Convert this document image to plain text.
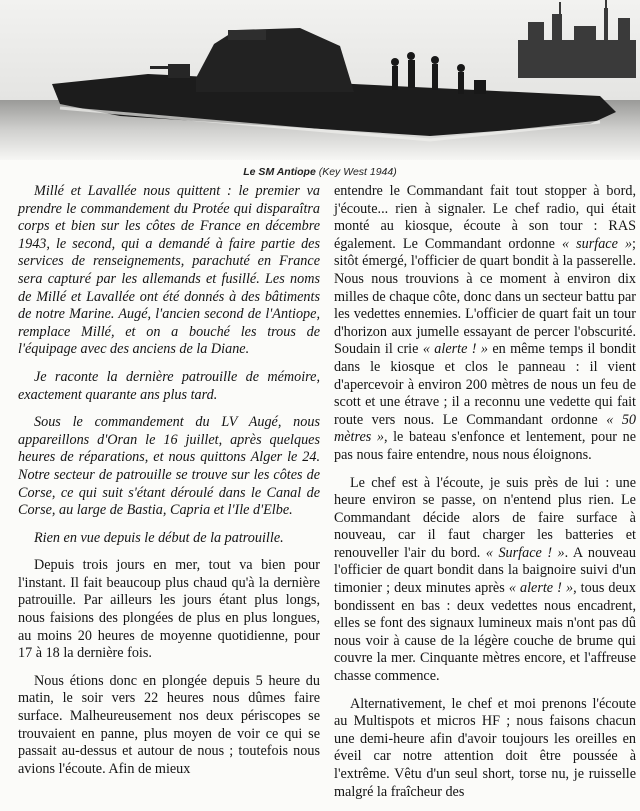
Le SM Antiope (Key West 1944)

Millé et Lavallée nous quittent : le premier va prendre le commandement du Protée qui disparaîtra corps et bien sur les côtes de France en décembre 1943, le second, qui a demandé à faire partie des services de renseignements, parachuté en France sera capturé par les allemands et fusillé. Les noms de Millé et Lavallée ont été donnés à des bâtiments de notre Marine. Augé, l'ancien second de l'Antiope, remplace Millé, et on a bouché les trous de l'équipage avec des anciens de la Diane.

Je raconte la dernière patrouille de mémoire, exactement quarante ans plus tard.

Sous le commandement du LV Augé, nous appareillons d'Oran le 16 juillet, après quelques heures de réparations, et nous quittons Alger le 24. Notre secteur de patrouille se trouve sur les côtes de Corse, ce qui suit s'étant déroulé dans le Canal de Corse, au large de Bastia, Capria et l'Ile d'Elbe.

Rien en vue depuis le début de la patrouille.

Depuis trois jours en mer, tout va bien pour l'instant. Il fait beaucoup plus chaud qu'à la dernière patrouille. Par ailleurs les jours étant plus longs, nous faisions des plongées de plus en plus longues, au moins 20 heures de moyenne quotidienne, pour 17 à 18 la dernière fois.

Nous étions donc en plongée depuis 5 heure du matin, le soir vers 22 heures nous dûmes faire surface. Malheureusement nos deux périscopes se trouvaient en panne, plus moyen de voir ce qui se passait au-dessus et autour de nous ; toutefois nous avions l'écoute. Afin de mieux

entendre le Commandant fait tout stopper à bord, j'écoute... rien à signaler. Le chef radio, qui était monté au kiosque, écoute à son tour : RAS également. Le Commandant ordonne « surface »; sitôt émergé, l'officier de quart bondit à la passerelle. Nous nous trouvions à ce moment à environ dix milles de chaque côte, donc dans un secteur battu par les vedettes ennemies. L'officier de quart fait un tour d'horizon aux jumelle essayant de percer l'obscurité. Soudain il crie « alerte ! » en même temps il bondit dans le kiosque et clos le panneau : il vient d'apercevoir à environ 200 mètres de nous un feu de scott et une étrave ; il a reconnu une vedette qui fait route vers nous. Le Commandant ordonne « 50 mètres », le bateau s'enfonce et lentement, pour ne pas nous faire entendre, nous nous éloignons.

Le chef est à l'écoute, je suis près de lui : une heure environ se passe, on n'entend plus rien. Le Commandant décide alors de faire surface à nouveau, car il faut charger les batteries et renouveller l'air du bord. « Surface ! ». A nouveau l'officier de quart bondit dans la baignoire suivi d'un timonier ; deux minutes après « alerte ! », tous deux bondissent en bas : deux vedettes nous encadrent, elles se font des signaux lumineux mais n'ont pas dû nous voir à cause de la légère couche de brume qui couvre la mer. Cinquante mètres encore, et l'affreuse chasse commence.

Alternativement, le chef et moi prenons l'écoute au Multispots et micros HF ; nous faisons chacun une demi-heure afin d'avoir toujours les oreilles en éveil car notre attention doit être poussée à l'extrême. Vêtu d'un seul short, torse nu, je ruisselle malgré la fraîcheur des
